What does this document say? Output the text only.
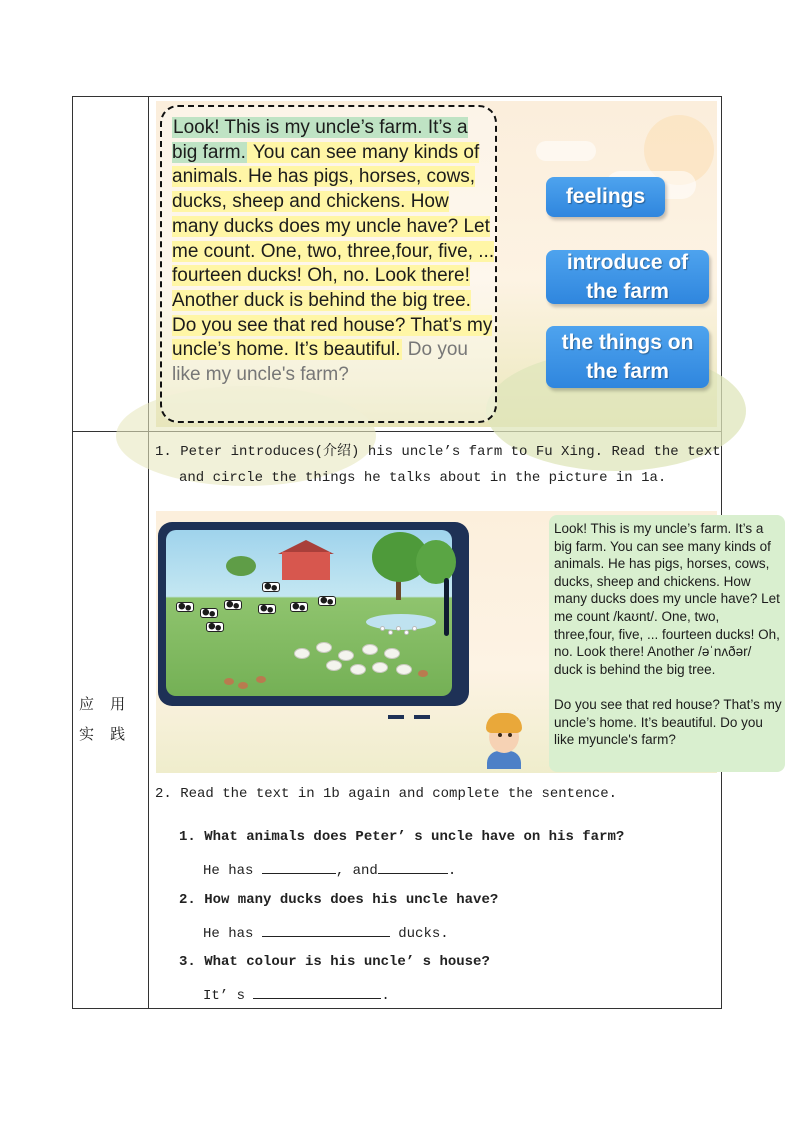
应 用 实 践
Look! This is my uncle’s farm. It’s a big farm. You can see many kinds of animals. He has pigs, horses, cows, ducks, sheep and chickens. How many ducks does my uncle have? Let me count. One, two, three,four, five, ... fourteen ducks! Oh, no. Look there! Another duck is behind the big tree. Do you see that red house? That’s my uncle’s home. It’s beautiful. Do you like my uncle's farm?
feelings
introduce of the farm
the things on the farm
1. Peter introduces(介绍) his uncle’s farm to Fu Xing. Read the text
and circle the things he talks about in the picture in 1a.

Look! This is my uncle’s farm. It’s a big farm. You can see many kinds of animals. He has pigs, horses, cows, ducks, sheep and chickens. How many ducks does my uncle have? Let me count /kaʊnt/. One, two, three,four, five, ... fourteen ducks! Oh, no. Look there! Another /əˈnʌðər/ duck is behind the big tree.

Do you see that red house? That’s my uncle’s home. It’s beautiful. Do you like myuncle's farm?

2. Read the text in 1b again and complete the sentence.
1. What animals does Peter’ s uncle have on his farm?
He has	, and	.
2. How many ducks does his uncle have?
He has	ducks.
3. What colour is his uncle’ s house?
It’ s	.
